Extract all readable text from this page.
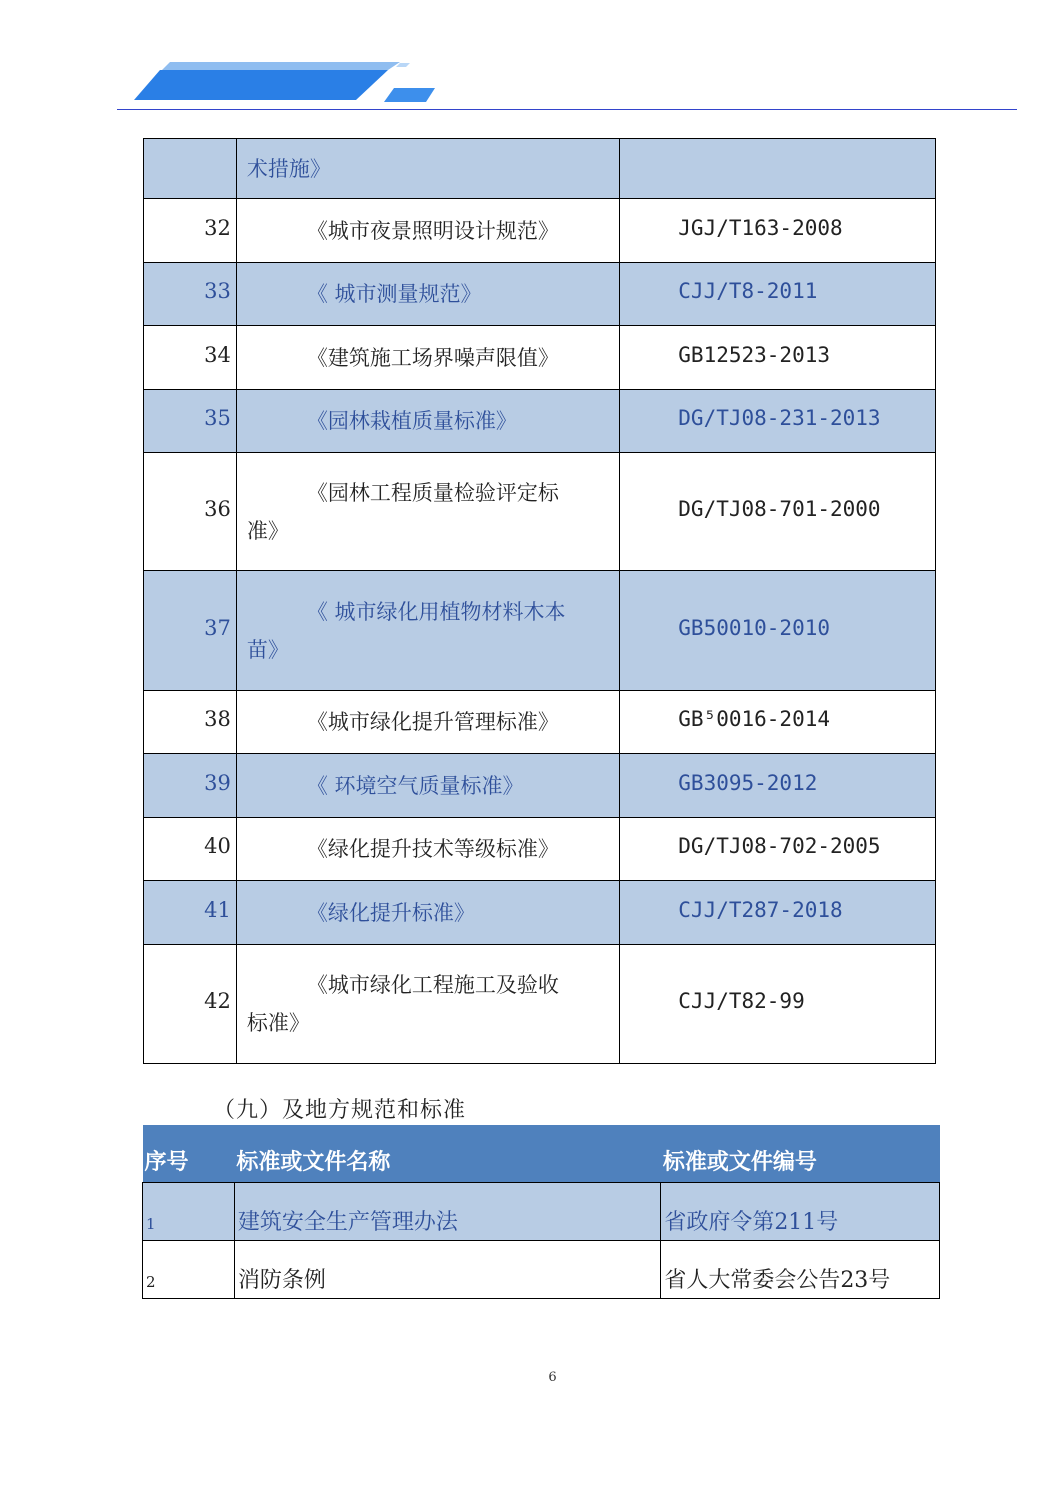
	术措施》	

32	《城市夜景照明设计规范》	JGJ/T163-2008
33	《 城市测量规范》	CJJ/T8-2011
34	《建筑施工场界噪声限值》	GB12523-2013
35	《园林栽植质量标准》	DG/TJ08-231-2013
36	《园林工程质量检验评定标
准》	DG/TJ08-701-2000
37	《 城市绿化用植物材料木本
苗》	GB50010-2010
38	《城市绿化提升管理标准》	GB⁵0016-2014
39	《 环境空气质量标准》	GB3095-2012
40	《绿化提升技术等级标准》	DG/TJ08-702-2005
41	《绿化提升标准》	CJJ/T287-2018
42	《城市绿化工程施工及验收
标准》	CJJ/T82-99
（九）及地方规范和标准
序号	标准或文件名称	标准或文件编号
1	建筑安全生产管理办法	省政府令第211号
2	消防条例	省人大常委会公告23号
6
